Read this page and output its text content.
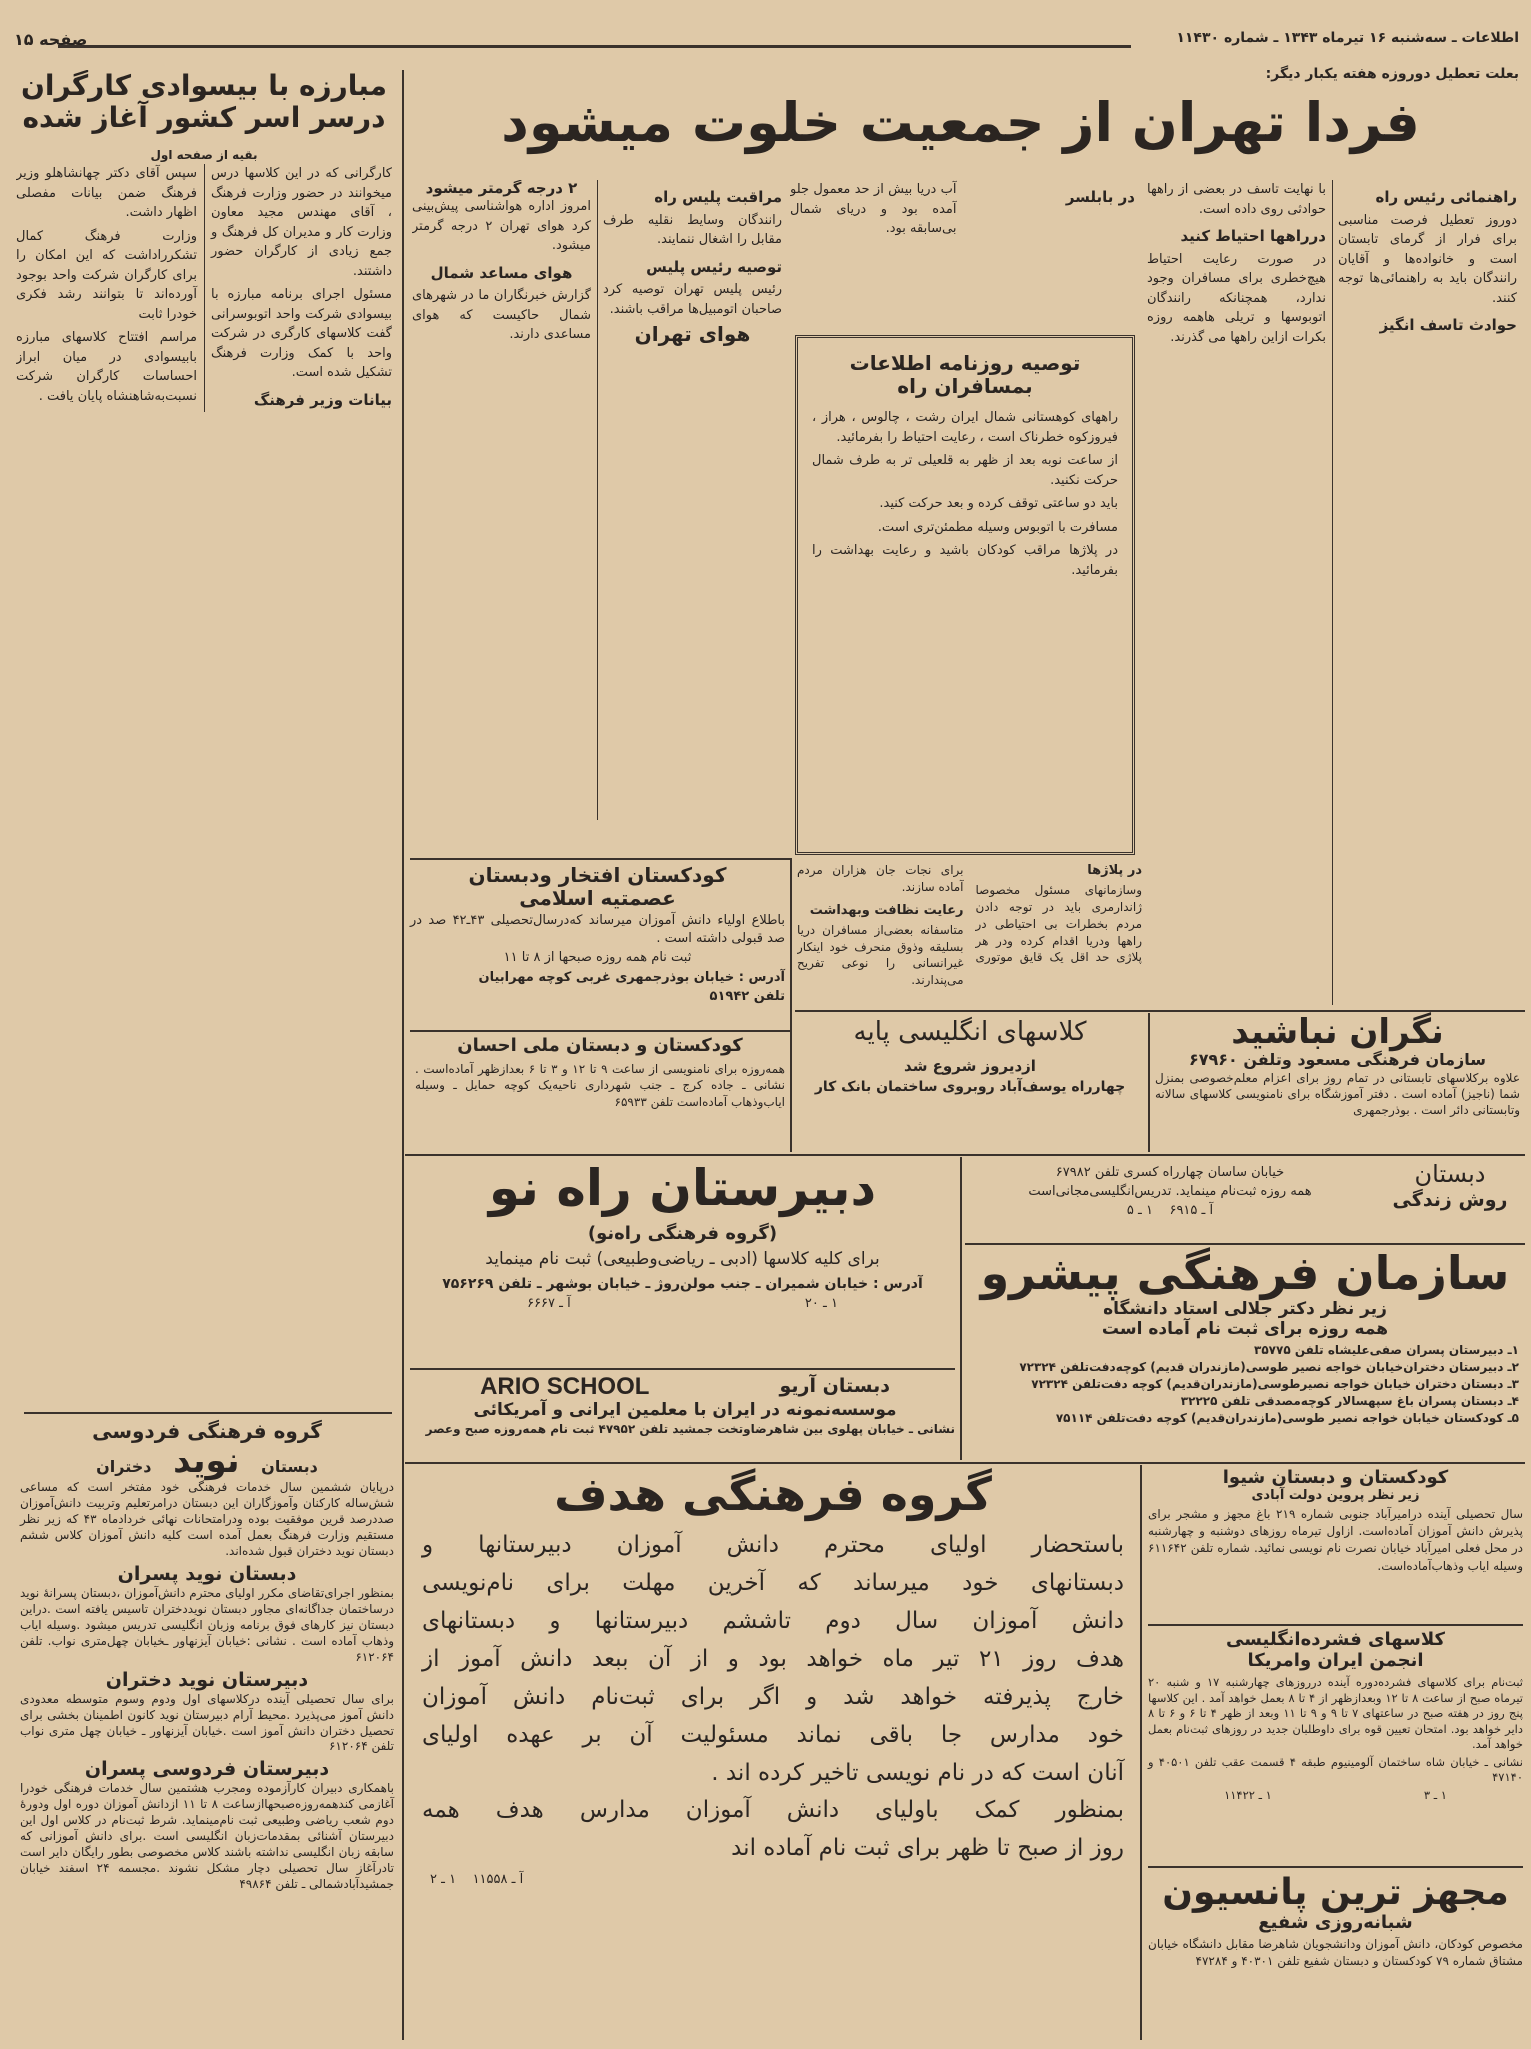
اطلاعات ـ سه‌شنبه ۱۶ تیرماه ۱۳۴۳ ـ شماره ۱۱۴۳۰
صفحه ۱۵
مبارزه با بیسوادی کارگران
درسر اسر کشور آغاز شده
بقیه از صفحه اول

کارگرانی که در این کلاسها درس میخوانند در حضور وزارت فرهنگ ، آقای مهندس مجید معاون وزارت کار و مدیران کل فرهنگ و جمع زیادی از کارگران حضور داشتند.

مسئول اجرای برنامه مبارزه با بیسوادی شرکت واحد اتوبوسرانی گفت کلاسهای کارگری در شرکت واحد با کمک وزارت فرهنگ تشکیل شده است.

بیانات وزیر فرهنگ

سپس آقای دکتر چهانشاهلو وزیر فرهنگ ضمن بیانات مفصلی اظهار داشت.

وزارت فرهنگ کمال تشکرراداشت که این امکان را برای کارگران شرکت واحد بوجود آورده‌اند تا بتوانند رشد فکری خودرا ثابت

مراسم افتتاح کلاسهای مبارزه بابیسوادی در میان ابراز احساسات کارگران شرکت نسبت‌به‌شاهنشاه پایان یافت .

گروه فرهنگی فردوسی
دبستان نوید دختران

درپایان ششمین سال خدمات فرهنگی خود مفتخر است که مساعی شش‌ساله کارکنان وآموزگاران این دبستان درامرتعلیم وتربیت دانش‌آموزان صددرصد قرین موفقیت بوده ودرامتحانات نهائی خردادماه ۴۳ که زیر نظر مستقیم وزارت فرهنگ بعمل آمده است کلیه دانش آموزان کلاس ششم دبستان نوید دختران قبول شده‌اند.

دبستان نوید پسران

بمنظور اجرای‌تقاضای مکرر اولیای محترم دانش‌آموزان ،دبستان پسرانهٔ نوید درساختمان جداگانه‌ای مجاور دبستان نویددختران تاسیس یافته است .دراین دبستان نیز کارهای فوق برنامه وزبان انگلیسی تدریس میشود .وسیله ایاب وذهاب آماده است . نشانی :خیابان آیزنهاور ـخیابان چهل‌متری نواب. تلفن ۶۱۲۰۶۴

دبیرستان نوید دختران

برای سال تحصیلی آینده درکلاسهای اول ودوم وسوم متوسطه معدودی دانش آموز می‌پذیرد .محیط آرام دبیرستان نوید کانون اطمینان بخشی برای تحصیل دختران دانش آموز است .خیابان آیزنهاور ـ خیابان چهل متری نواب تلفن ۶۱۲۰۶۴

دبیرستان فردوسی پسران

باهمکاری دبیران کارآزموده ومجرب هشتمین سال خدمات فرهنگی خودرا آغازمی کندهمه‌روزه‌صبحهاازساعت ۸ تا ۱۱ ازدانش آموزان دوره اول ودورهٔ دوم شعب ریاضی وطبیعی ثبت نام‌مینماید. شرط ثبت‌نام در کلاس اول این دبیرستان آشنائی بمقدمات‌زبان انگلیسی است .برای دانش آموزانی که سابقه زبان انگلیسی نداشته باشند کلاس مخصوصی بطور رایگان دایر است تادرآغاز سال تحصیلی دچار مشکل نشوند .مجسمه ۲۴ اسفند خیابان جمشیدآبادشمالی ـ تلفن ۴۹۸۶۴

بعلت تعطیل دوروزه هفته یکبار دیگر:
فردا تهران از جمعیت خلوت میشود
راهنمائی رئیس راه

دوروز تعطیل فرصت مناسبی برای فرار از گرمای تابستان است و خانواده‌ها و آقایان رانندگان باید به راهنمائی‌ها توجه کنند.

حوادث تاسف انگیز

با نهایت تاسف در بعضی از راهها حوادثی روی داده است.

درراهها احتیاط کنید

در صورت رعایت احتیاط هیچ‌خطری برای مسافران وجود ندارد، همچنانکه رانندگان اتوبوسها و تریلی هاهمه روزه بکرات ازاین راهها می گذرند.

در بابلسر

آب دریا بیش از حد معمول جلو آمده بود و دریای شمال بی‌سابقه بود.

توصیه روزنامه اطلاعات
بمسافران راه

راههای کوهستانی شمال ایران رشت ، چالوس ، هراز ، فیروزکوه خطرناک است ، رعایت احتیاط را بفرمائید.

از ساعت نوبه بعد از ظهر به قلعیلی تر به طرف شمال حرکت نکنید.

باید دو ساعتی توقف کرده و بعد حرکت کنید.

مسافرت با اتوبوس وسیله مطمئن‌تری است.

در پلاژها مراقب کودکان باشید و رعایت بهداشت را بفرمائید.

مراقبت پلیس راه

رانندگان وسایط نقلیه طرف مقابل را اشغال ننمایند.

توصیه رئیس پلیس

رئیس پلیس تهران توصیه کرد صاحبان اتومبیل‌ها مراقب باشند.

هوای تهران
۲ درجه گرمتر میشود

امروز اداره هواشناسی پیش‌بینی کرد هوای تهران ۲ درجه گرمتر میشود.

هوای مساعد شمال

گزارش خبرنگاران ما در شهرهای شمال حاکیست که هوای مساعدی دارند.

در پلاژها

وسازمانهای مسئول مخصوصا ژاندارمری باید در توجه دادن مردم بخطرات بی احتیاطی در راهها ودریا اقدام کرده ودر هر پلاژی حد اقل یک قایق موتوری برای نجات جان هزاران مردم آماده سازند.

رعایت نظافت وبهداشت

متاسفانه بعضی‌از مسافران دریا بسلیقه وذوق منحرف خود اینکار غیرانسانی را نوعی تفریح می‌پندارند.

کودکستان افتخار ودبستان
عصمتیه اسلامی

باطلاع اولیاء دانش آموزان میرساند که‌درسال‌تحصیلی ۴۳ـ۴۲ صد در صد قبولی داشته است .

ثبت نام همه روزه صبحها از ۸ تا ۱۱

آدرس : خیابان بوذرجمهری غربی کوچه مهرابیان

تلفن ۵۱۹۴۲

کودکستان و دبستان ملی احسان

همه‌روزه برای نامنویسی از ساعت ۹ تا ۱۲ و ۳ تا ۶ بعدازظهر آماده‌است . نشانی ـ جاده کرج ـ جنب شهرداری ناحیه‌یک کوچه حمایل ـ وسیله ایاب‌وذهاب آماده‌است تلفن ۶۵۹۳۳

کلاسهای انگلیسی پایه
ازدیروز شروع شد
چهارراه یوسف‌آباد روبروی ساختمان بانک کار
نگران نباشید
سازمان فرهنگی مسعود وتلفن ۶۷۹۶۰

علاوه برکلاسهای تابستانی در تمام روز برای اعزام معلم‌خصوصی بمنزل شما (ناجیز) آماده است . دفتر آموزشگاه برای نامنویسی کلاسهای سالانه وتابستانی دائر است . بوذرجمهری

دبیرستان راه نو
(گروه فرهنگی راه‌نو)
برای کلیه کلاسها (ادبی ـ ریاضی‌وطبیعی) ثبت نام مینماید
آدرس : خیابان شمیران ـ جنب مولن‌روژ ـ خیابان بوشهر ـ تلفن ۷۵۶۲۶۹
۱ ـ ۲۰
آ ـ ۶۶۶۷
دبستان آریو
ARIO SCHOOL
موسسه‌نمونه در ایران با معلمین ایرانی و آمریکائی

نشانی ـ خیابان پهلوی بین شاهرضاوتخت جمشید تلفن ۴۷۹۵۲ ثبت نام همه‌روزه صبح وعصر

دبستان
روش زندگی
خیابان ساسان چهارراه کسری تلفن ۶۷۹۸۲
همه روزه ثبت‌نام مینماید. تدریس‌انگلیسی‌مجانی‌است
آ ـ ۶۹۱۵    ۱ ـ ۵
سازمان فرهنگی پیشرو
زیر نظر دکتر جلالی استاد دانشگاه
همه روزه برای ثبت نام آماده است
۱ـ دبیرستان پسران صفی‌علیشاه تلفن ۳۵۷۷۵
۲ـ دبیرستان دختران‌خیابان خواجه نصیر طوسی(مازندران قدیم) کوچه‌دفت‌تلفن ۷۲۳۲۴
۳ـ دبستان دختران خیابان خواجه نصیرطوسی(مازندران‌قدیم) کوچه دفت‌تلفن ۷۲۳۲۴
۴ـ دبستان پسران باغ سپهسالار کوچه‌مصدقی تلفن ۳۲۲۲۵
۵ـ کودکستان خیابان خواجه نصیر طوسی(مازندران‌قدیم) کوچه دفت‌تلفن ۷۵۱۱۴
گروه فرهنگی هدف
باستحضار اولیای محترم دانش آموزان دبیرستانها و
دبستانهای خود میرساند که آخرین مهلت برای نام‌نویسی
دانش آموزان سال دوم تاششم دبیرستانها و دبستانهای
هدف روز ۲۱ تیر ماه خواهد بود و از آن ببعد دانش آموز از
خارج پذیرفته خواهد شد و اگر برای ثبت‌نام دانش آموزان
خود مدارس جا باقی نماند مسئولیت آن بر عهده اولیای
آنان است که در نام نویسی تاخیر کرده اند .
بمنظور کمک باولیای دانش آموزان مدارس هدف همه
روز از صبح تا ظهر برای ثبت نام آماده اند
آ ـ ۱۱۵۵۸    ۱ ـ ۲
کودکستان و دبستان شیوا
زیر نظر پروین دولت آبادی

سال تحصیلی آینده درامیرآباد جنوبی شماره ۲۱۹ باغ مجهز و مشجر برای پذیرش دانش آموزان آماده‌است. ازاول تیرماه روزهای دوشنبه و چهارشنبه در محل فعلی امیرآباد خیابان نصرت نام نویسی نمائید. شماره تلفن ۶۱۱۶۴۲ وسیله ایاب وذهاب‌آماده‌است.

کلاسهای فشرده‌انگلیسی
انجمن ایران وامریکا

ثبت‌نام برای کلاسهای فشرده‌دوره آینده درروزهای چهارشنبه ۱۷ و شنبه ۲۰ تیرماه صبح از ساعت ۸ تا ۱۲ وبعدازظهر از ۴ تا ۸ بعمل خواهد آمد . این کلاسها پنج روز در هفته صبح در ساعتهای ۷ تا ۹ و ۹ تا ۱۱ وبعد از ظهر ۴ تا ۶ و ۶ تا ۸ دایر خواهد بود. امتحان تعیین قوه برای داوطلبان جدید در روزهای ثبت‌نام بعمل خواهد آمد.

نشانی ـ خیابان شاه ساختمان آلومینیوم طبقه ۴ قسمت عقب تلفن ۴۰۵۰۱ و ۴۷۱۴۰

۱ ـ ۳
۱ ـ ۱۱۴۲۲
مجهز ترین پانسیون
شبانه‌روزی شفیع

مخصوص کودکان، دانش آموزان ودانشجویان شاهرضا مقابل دانشگاه خیابان مشتاق شماره ۷۹ کودکستان و دبستان شفیع تلفن ۴۰۳۰۱ و ۴۷۲۸۴
